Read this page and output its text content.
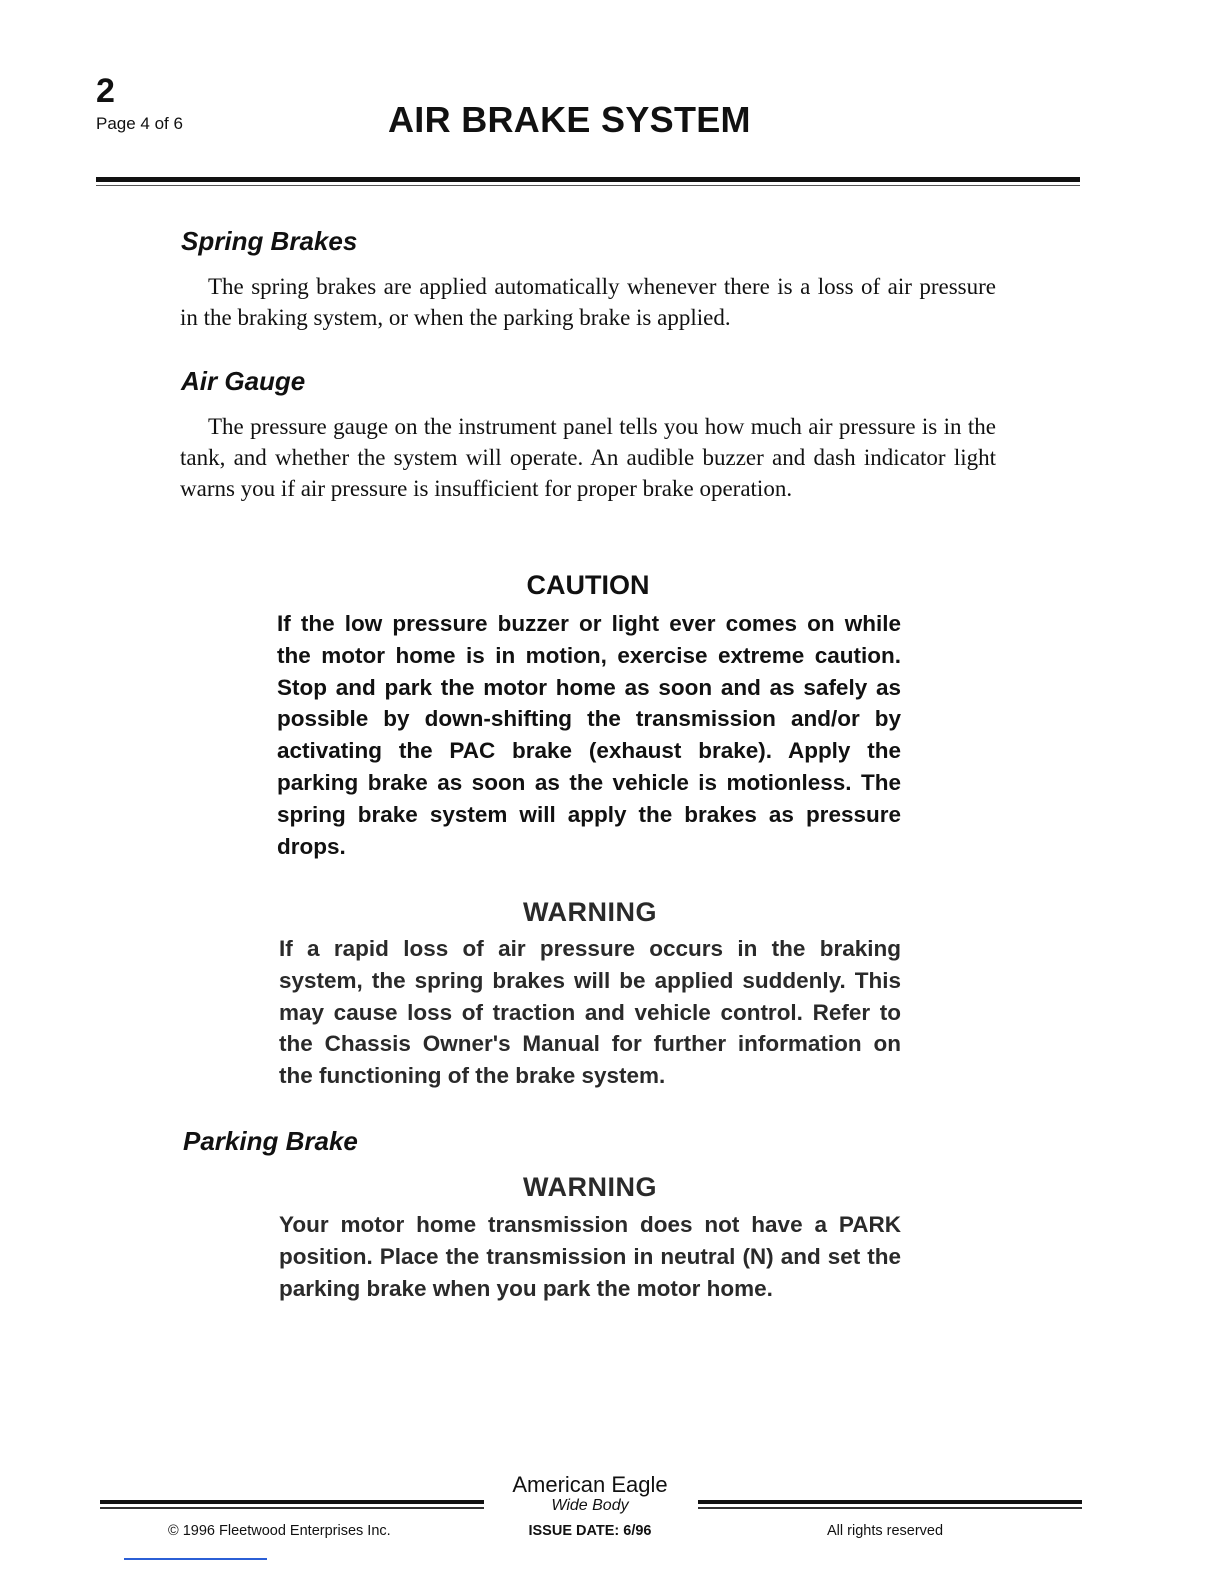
2
Page 4 of 6	AIR BRAKE SYSTEM
Spring Brakes

The spring brakes are applied automatically whenever there is a loss of air pressure in the braking system, or when the parking brake is applied.

Air Gauge

The pressure gauge on the instrument panel tells you how much air pressure is in the tank, and whether the system will operate. An audible buzzer and dash indicator light warns you if air pressure is insufficient for proper brake operation.

CAUTION

If the low pressure buzzer or light ever comes on while the motor home is in motion, exercise extreme caution. Stop and park the motor home as soon and as safely as possible by down-shifting the transmission and/or by activating the PAC brake (exhaust brake). Apply the parking brake as soon as the vehicle is motionless. The spring brake system will apply the brakes as pressure drops.

WARNING

If a rapid loss of air pressure occurs in the braking system, the spring brakes will be applied suddenly. This may cause loss of traction and vehicle control. Refer to the Chassis Owner's Manual for further information on the functioning of the brake system.

Parking Brake
WARNING

Your motor home transmission does not have a PARK position. Place the transmission in neutral (N) and set the parking brake when you park the motor home.

American Eagle
Wide Body
© 1996 Fleetwood Enterprises Inc.	ISSUE DATE: 6/96	All rights reserved
